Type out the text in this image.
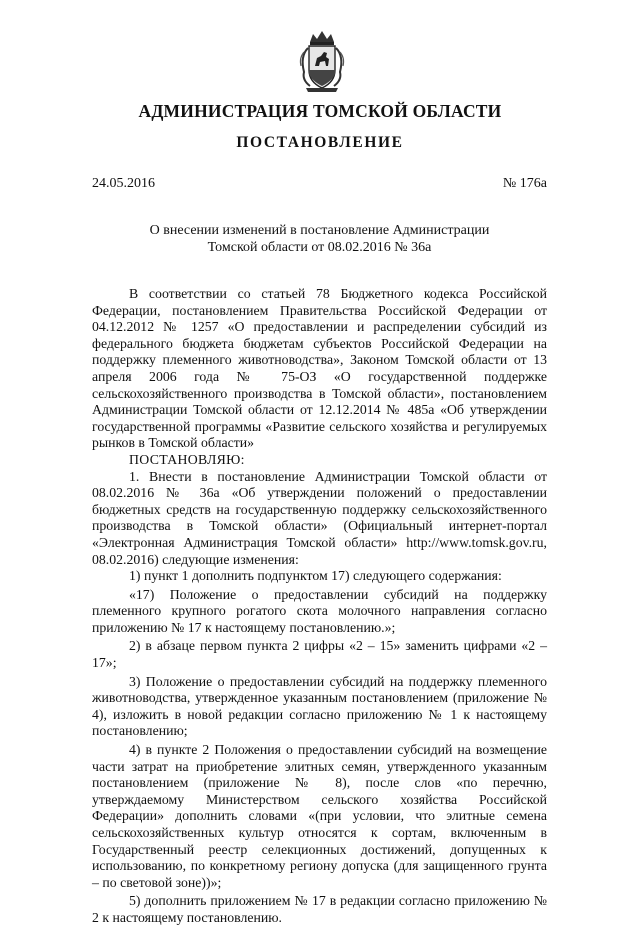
АДМИНИСТРАЦИЯ ТОМСКОЙ ОБЛАСТИ
ПОСТАНОВЛЕНИЕ
24.05.2016	№ 176а
О внесении изменений в постановление Администрации
Томской области от 08.02.2016 № 36а

В соответствии со статьей 78 Бюджетного кодекса Российской Федерации, постановлением Правительства Российской Федерации от 04.12.2012 № 1257 «О предоставлении и распределении субсидий из федерального бюджета бюджетам субъектов Российской Федерации на поддержку племенного животноводства», Законом Томской области от 13 апреля 2006 года № 75-ОЗ «О государственной поддержке сельскохозяйственного производства в Томской области», постановлением Администрации Томской области от 12.12.2014 № 485а «Об утверждении государственной программы «Развитие сельского хозяйства и регулируемых рынков в Томской области»

ПОСТАНОВЛЯЮ:

1. Внести в постановление Администрации Томской области от 08.02.2016 № 36а «Об утверждении положений о предоставлении бюджетных средств на государственную поддержку сельскохозяйственного производства в Томской области» (Официальный интернет-портал «Электронная Администрация Томской области» http://www.tomsk.gov.ru, 08.02.2016) следующие изменения:

1) пункт 1 дополнить подпунктом 17) следующего содержания:

«17) Положение о предоставлении субсидий на поддержку племенного крупного рогатого скота молочного направления согласно приложению № 17 к настоящему постановлению.»;

2) в абзаце первом пункта 2 цифры «2 – 15» заменить цифрами «2 – 17»;

3) Положение о предоставлении субсидий на поддержку племенного животноводства, утвержденное указанным постановлением (приложение № 4), изложить в новой редакции согласно приложению № 1 к настоящему постановлению;

4) в пункте 2 Положения о предоставлении субсидий на возмещение части затрат на приобретение элитных семян, утвержденного указанным постановлением (приложение № 8), после слов «по перечню, утверждаемому Министерством сельского хозяйства Российской Федерации» дополнить словами «(при условии, что элитные семена сельскохозяйственных культур относятся к сортам, включенным в Государственный реестр селекционных достижений, допущенных к использованию, по конкретному региону допуска (для защищенного грунта – по световой зоне))»;

5) дополнить приложением № 17 в редакции согласно приложению № 2 к настоящему постановлению.
